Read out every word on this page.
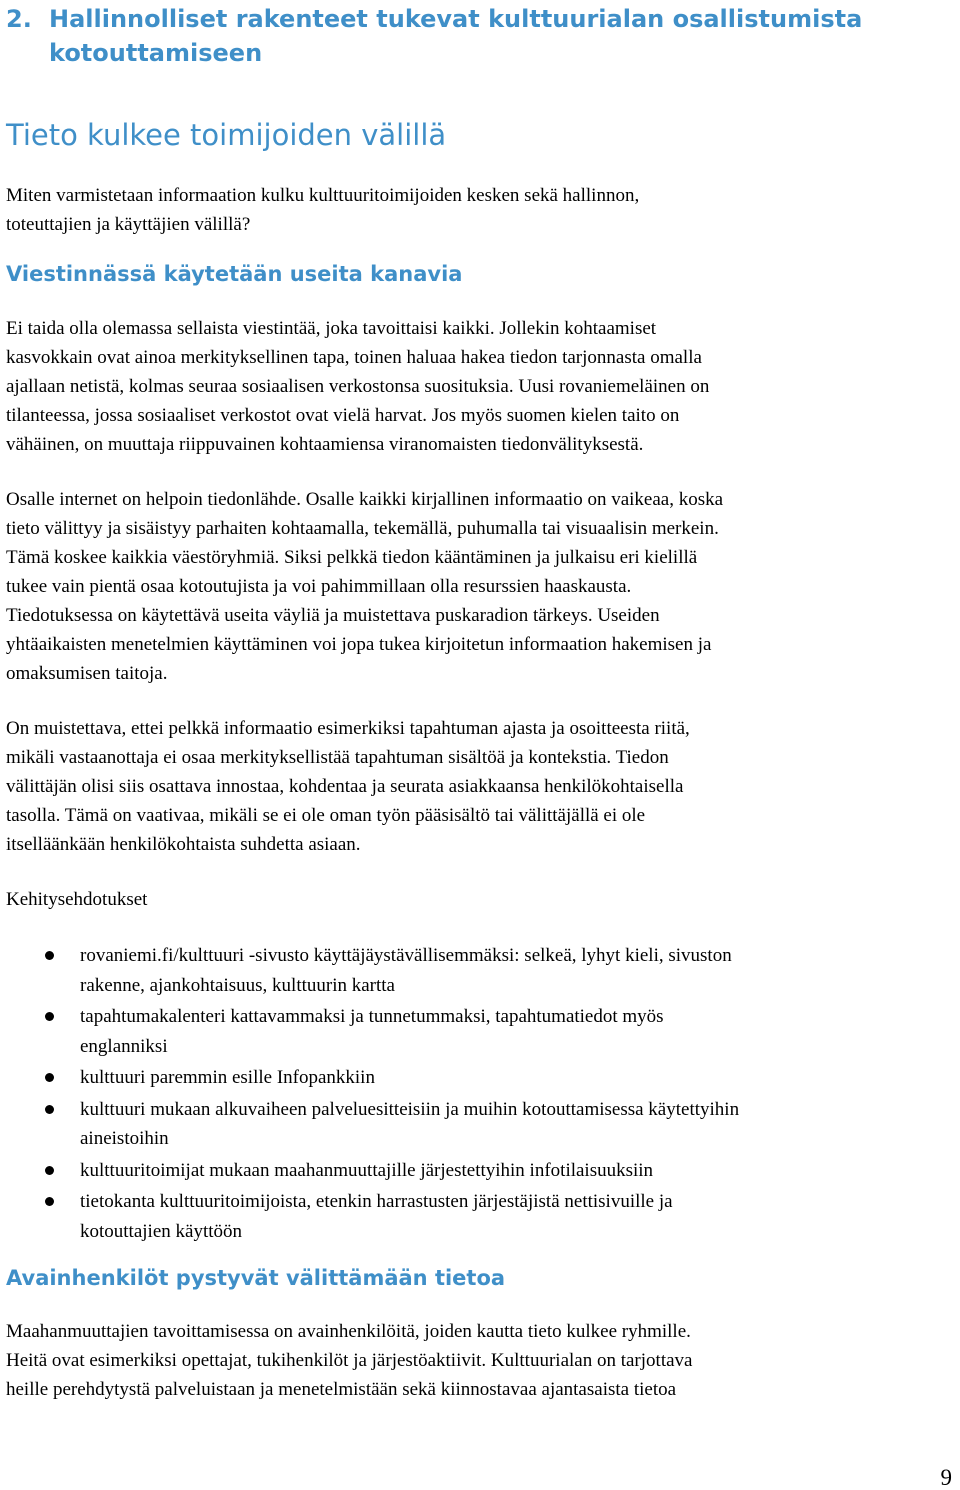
2. Hallinnolliset rakenteet tukevat kulttuurialan osallistumista
kotouttamiseen
Tieto kulkee toimijoiden välillä
Miten varmistetaan informaation kulku kulttuuritoimijoiden kesken sekä hallinnon,
toteuttajien ja käyttäjien välillä?
Viestinnässä käytetään useita kanavia
Ei taida olla olemassa sellaista viestintää, joka tavoittaisi kaikki. Jollekin kohtaamiset
kasvokkain ovat ainoa merkityksellinen tapa, toinen haluaa hakea tiedon tarjonnasta omalla
ajallaan netistä, kolmas seuraa sosiaalisen verkostonsa suosituksia. Uusi rovaniemeläinen on
tilanteessa, jossa sosiaaliset verkostot ovat vielä harvat. Jos myös suomen kielen taito on
vähäinen, on muuttaja riippuvainen kohtaamiensa viranomaisten tiedonvälityksestä.
Osalle internet on helpoin tiedonlähde. Osalle kaikki kirjallinen informaatio on vaikeaa, koska
tieto välittyy ja sisäistyy parhaiten kohtaamalla, tekemällä, puhumalla tai visuaalisin merkein.
Tämä koskee kaikkia väestöryhmiä. Siksi pelkkä tiedon kääntäminen ja julkaisu eri kielillä
tukee vain pientä osaa kotoutujista ja voi pahimmillaan olla resurssien haaskausta.
Tiedotuksessa on käytettävä useita väyliä ja muistettava puskaradion tärkeys. Useiden
yhtäaikaisten menetelmien käyttäminen voi jopa tukea kirjoitetun informaation hakemisen ja
omaksumisen taitoja.
On muistettava, ettei pelkkä informaatio esimerkiksi tapahtuman ajasta ja osoitteesta riitä,
mikäli vastaanottaja ei osaa merkityksellistää tapahtuman sisältöä ja kontekstia. Tiedon
välittäjän olisi siis osattava innostaa, kohdentaa ja seurata asiakkaansa henkilökohtaisella
tasolla. Tämä on vaativaa, mikäli se ei ole oman työn pääsisältö tai välittäjällä ei ole
itselläänkään henkilökohtaista suhdetta asiaan.
Kehitysehdotukset
rovaniemi.fi/kulttuuri -sivusto käyttäjäystävällisemmäksi: selkeä, lyhyt kieli, sivuston
rakenne, ajankohtaisuus, kulttuurin kartta
tapahtumakalenteri kattavammaksi ja tunnetummaksi, tapahtumatiedot myös
englanniksi
kulttuuri paremmin esille Infopankkiin
kulttuuri mukaan alkuvaiheen palveluesitteisiin ja muihin kotouttamisessa käytettyihin
aineistoihin
kulttuuritoimijat mukaan maahanmuuttajille järjestettyihin infotilaisuuksiin
tietokanta kulttuuritoimijoista, etenkin harrastusten järjestäjistä nettisivuille ja
kotouttajien käyttöön
Avainhenkilöt pystyvät välittämään tietoa
Maahanmuuttajien tavoittamisessa on avainhenkilöitä, joiden kautta tieto kulkee ryhmille.
Heitä ovat esimerkiksi opettajat, tukihenkilöt ja järjestöaktiivit. Kulttuurialan on tarjottava
heille perehdytystä palveluistaan ja menetelmistään sekä kiinnostavaa ajantasaista tietoa
9
